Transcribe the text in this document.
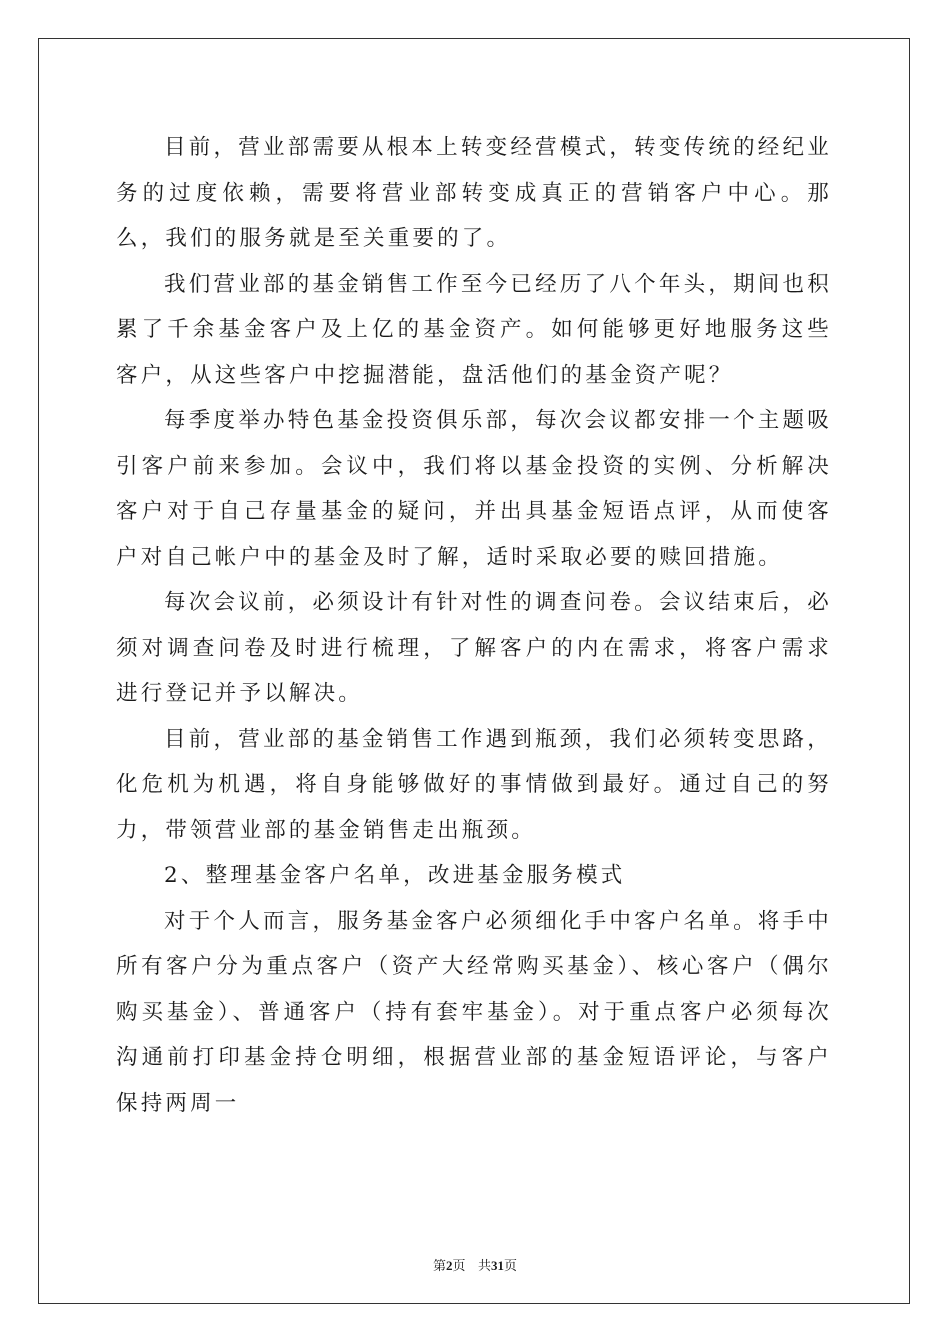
目前，营业部需要从根本上转变经营模式，转变传统的经纪业务的过度依赖，需要将营业部转变成真正的营销客户中心。那么，我们的服务就是至关重要的了。

我们营业部的基金销售工作至今已经历了八个年头，期间也积累了千余基金客户及上亿的基金资产。如何能够更好地服务这些客户，从这些客户中挖掘潜能，盘活他们的基金资产呢？

每季度举办特色基金投资俱乐部，每次会议都安排一个主题吸引客户前来参加。会议中，我们将以基金投资的实例、分析解决客户对于自己存量基金的疑问，并出具基金短语点评，从而使客户对自己帐户中的基金及时了解，适时采取必要的赎回措施。

每次会议前，必须设计有针对性的调查问卷。会议结束后，必须对调查问卷及时进行梳理，了解客户的内在需求，将客户需求进行登记并予以解决。

目前，营业部的基金销售工作遇到瓶颈，我们必须转变思路，化危机为机遇，将自身能够做好的事情做到最好。通过自己的努力，带领营业部的基金销售走出瓶颈。

2、整理基金客户名单，改进基金服务模式

对于个人而言，服务基金客户必须细化手中客户名单。将手中所有客户分为重点客户（资产大经常购买基金）、核心客户（偶尔购买基金）、普通客户（持有套牢基金）。对于重点客户必须每次沟通前打印基金持仓明细，根据营业部的基金短语评论，与客户保持两周一

第2页 共31页
